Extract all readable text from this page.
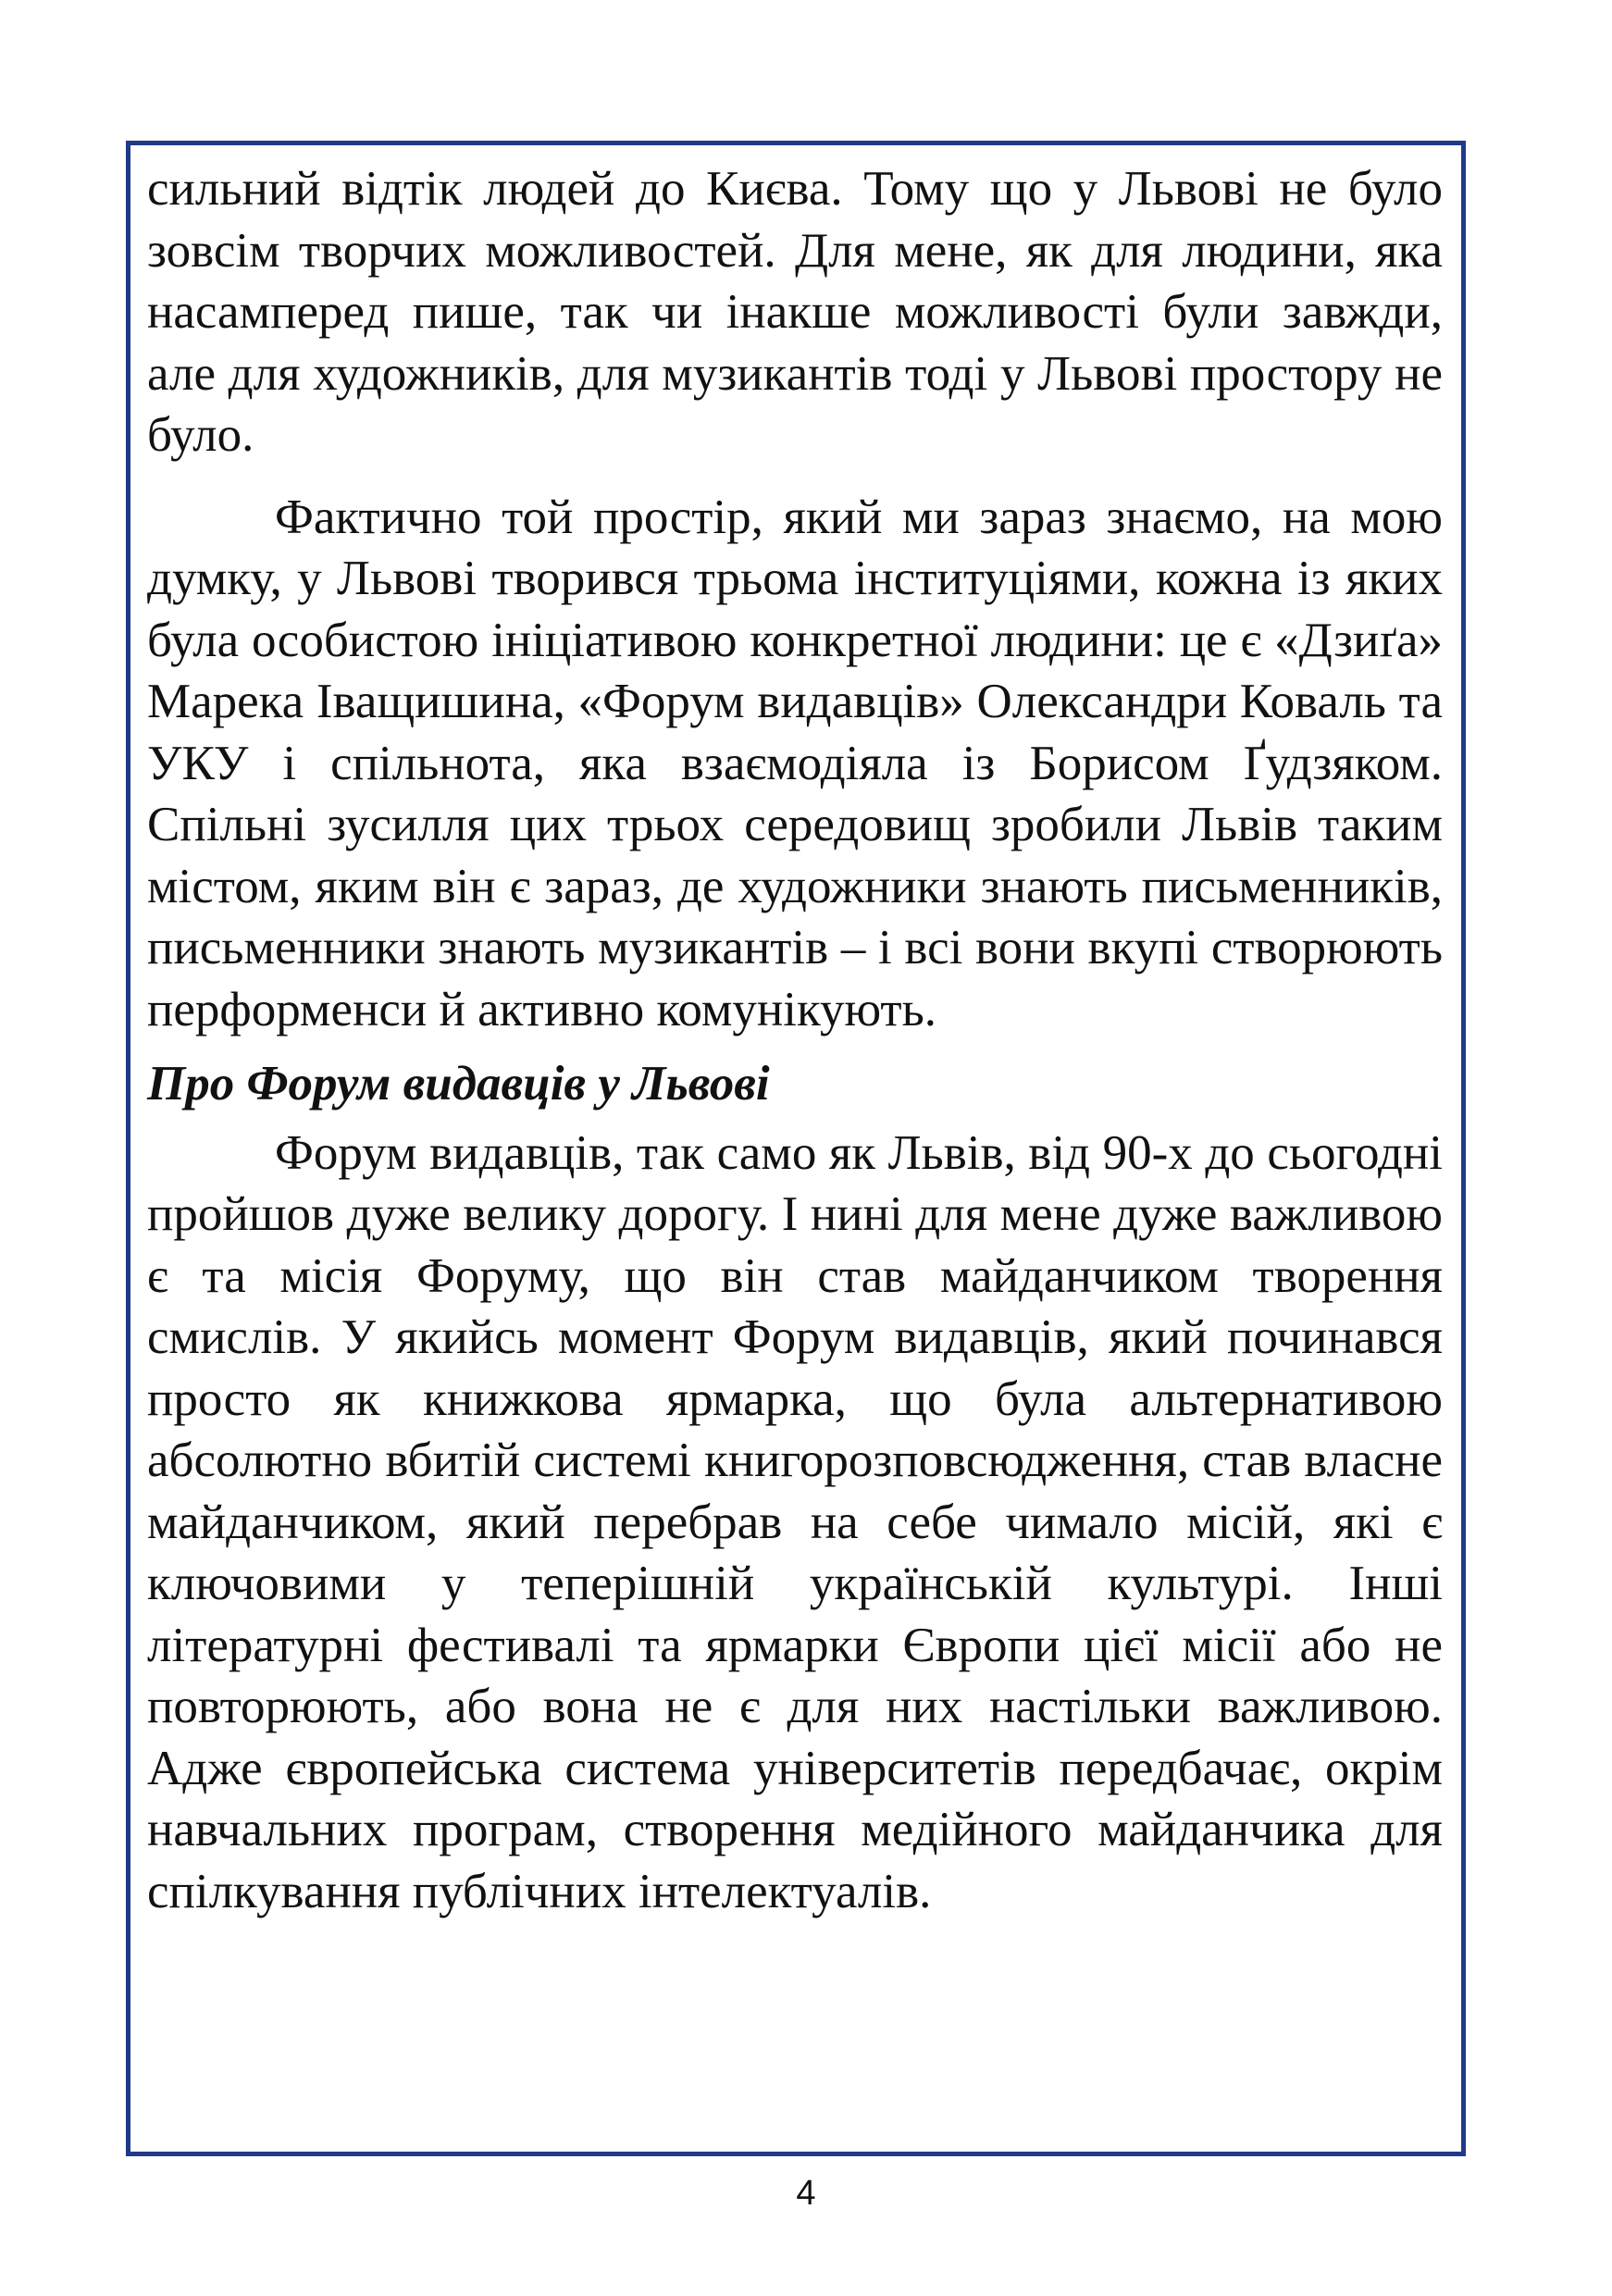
сильний відтік людей до Києва. Тому що у Львові не було зовсім творчих можливостей. Для мене, як для людини, яка насамперед пише, так чи інакше можливості були завжди, але для художників, для музикантів тоді у Львові простору не було.

Фактично той простір, який ми зараз знаємо, на мою думку, у Львові творився трьома інституціями, кожна із яких була особистою ініціативою конкретної людини: це є «Дзиґа» Марека Іващишина, «Форум видавців» Олександри Коваль та УКУ і спільнота, яка взаємодіяла із Борисом Ґудзяком. Спільні зусилля цих трьох середовищ зробили Львів таким містом, яким він є зараз, де художники знають письменників, письменники знають музикантів – і всі вони вкупі створюють перформенси й активно комунікують.

Про Форум видавців у Львові

Форум видавців, так само як Львів, від 90-х до сьогодні пройшов дуже велику дорогу. І нині для мене дуже важливою є та місія Форуму, що він став майданчиком творення смислів. У якийсь момент Форум видавців, який починався просто як книжкова ярмарка, що була альтернативою абсолютно вбитій системі книгорозповсюдження, став власне майданчиком, який перебрав на себе чимало місій, які є ключовими у теперішній українській культурі. Інші літературні фестивалі та ярмарки Європи цієї місії або не повторюють, або вона не є для них настільки важливою. Адже європейська система університетів передбачає, окрім навчальних програм, створення медійного майданчика для спілкування публічних інтелектуалів.

4
